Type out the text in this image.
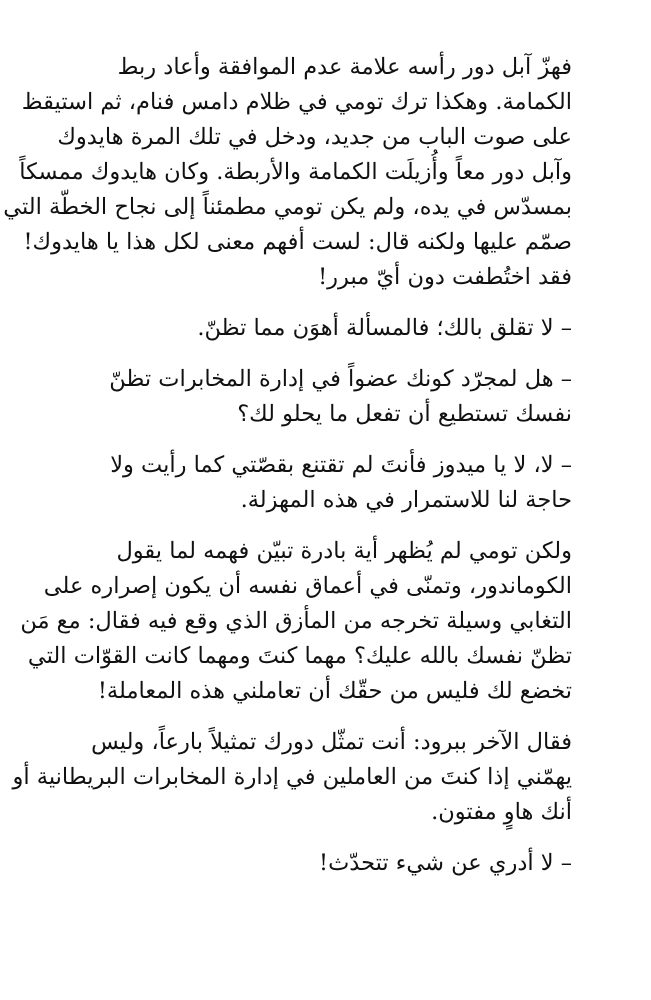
فهزّ آبل دور رأسه علامة عدم الموافقة وأعاد ربط
الكمامة. وهكذا ترك تومي في ظلام دامس فنام، ثم استيقظ
على صوت الباب من جديد، ودخل في تلك المرة هايدوك
وآبل دور معاً وأُزيلَت الكمامة والأربطة. وكان هايدوك ممسكاً
بمسدّس في يده، ولم يكن تومي مطمئناً إلى نجاح الخطّة التي
صمّم عليها ولكنه قال: لست أفهم معنى لكل هذا يا هايدوك!
فقد اختُطفت دون أيّ مبرر!

– لا تقلق بالك؛ فالمسألة أهوَن مما تظنّ.

– هل لمجرّد كونك عضواً في إدارة المخابرات تظنّ
نفسك تستطيع أن تفعل ما يحلو لك؟

– لا، لا يا ميدوز فأنتَ لم تقتنع بقصّتي كما رأيت ولا
حاجة لنا للاستمرار في هذه المهزلة.

ولكن تومي لم يُظهر أية بادرة تبيّن فهمه لما يقول
الكوماندور، وتمنّى في أعماق نفسه أن يكون إصراره على
التغابي وسيلة تخرجه من المأزق الذي وقع فيه فقال: مع مَن
تظنّ نفسك بالله عليك؟ مهما كنتَ ومهما كانت القوّات التي
تخضع لك فليس من حقّك أن تعاملني هذه المعاملة!

فقال الآخر ببرود: أنت تمثّل دورك تمثيلاً بارعاً، وليس
يهمّني إذا كنتَ من العاملين في إدارة المخابرات البريطانية أو
أنك هاوٍ مفتون.

– لا أدري عن شيء تتحدّث!
